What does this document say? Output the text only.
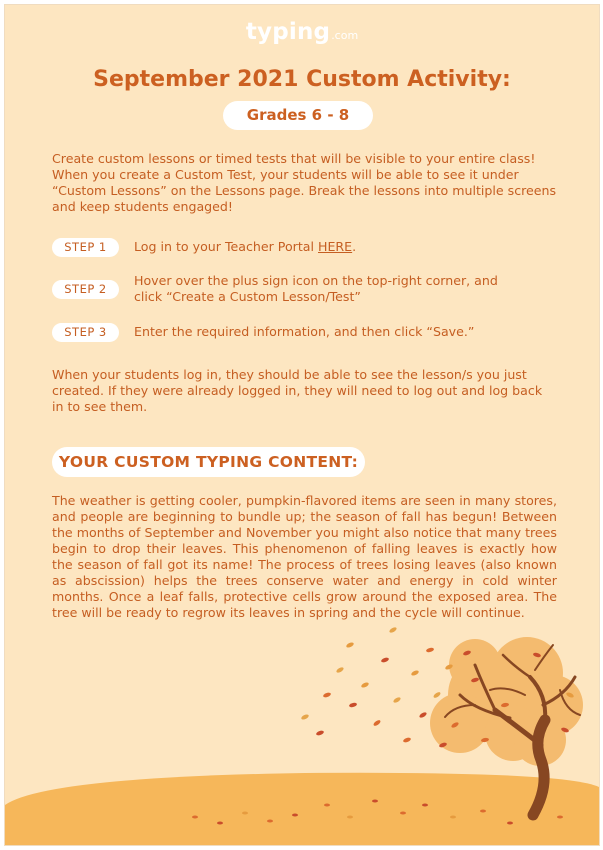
typing.com
September 2021 Custom Activity:
Grades 6 - 8

Create custom lessons or timed tests that will be visible to your entire class! When you create a Custom Test, your students will be able to see it under “Custom Lessons” on the Lessons page. Break the lessons into multiple screens and keep students engaged!

STEP 1	Log in to your Teacher Portal HERE.
STEP 2
Hover over the plus sign icon on the top-right corner, and click “Create a Custom Lesson/Test”
STEP 3	Enter the required information, and then click “Save.”

When your students log in, they should be able to see the lesson/s you just created. If they were already logged in, they will need to log out and log back in to see them.

YOUR CUSTOM TYPING CONTENT:

The weather is getting cooler, pumpkin-flavored items are seen in many stores, and people are beginning to bundle up; the season of fall has begun! Between the months of September and November you might also notice that many trees begin to drop their leaves. This phenomenon of falling leaves is exactly how the season of fall got its name! The process of trees losing leaves (also known as abscission) helps the trees conserve water and energy in cold winter months. Once a leaf falls, protective cells grow around the exposed area. The tree will be ready to regrow its leaves in spring and the cycle will continue.
